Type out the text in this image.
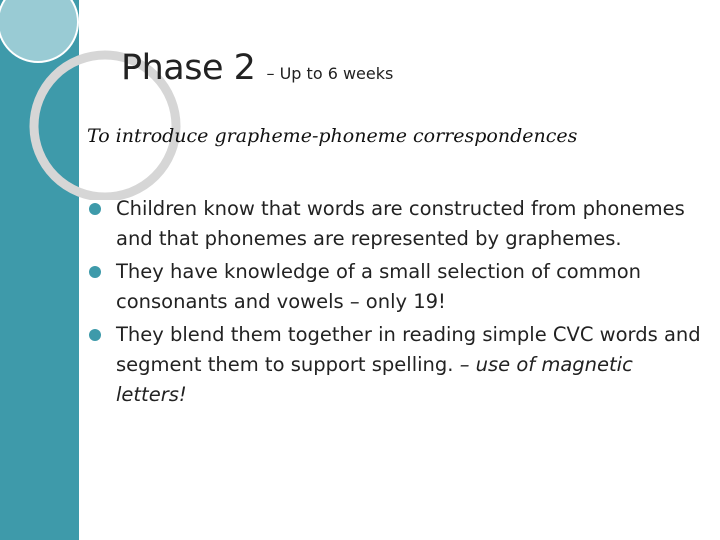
Phase 2 – Up to 6 weeks
To introduce grapheme-phoneme correspondences
Children know that words are constructed from phonemes and that phonemes are represented by graphemes.
They have knowledge of a small selection of common consonants and vowels – only 19!
They blend them together in reading simple CVC words and segment them to support spelling. – use of magnetic letters!
